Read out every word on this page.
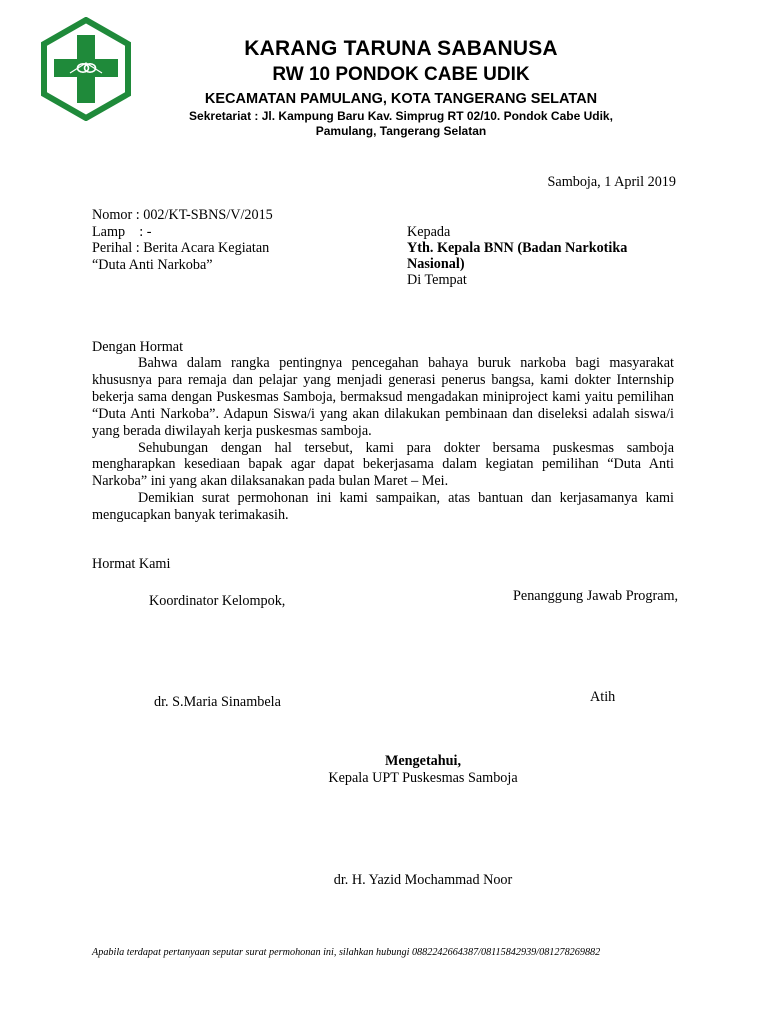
KARANG TARUNA SABANUSA
RW 10 PONDOK CABE UDIK
KECAMATAN PAMULANG, KOTA TANGERANG SELATAN
Sekretariat : Jl. Kampung Baru Kav. Simprug RT 02/10. Pondok Cabe Udik,
Pamulang, Tangerang Selatan
Samboja, 1 April 2019
Nomor : 002/KT-SBNS/V/2015
Lamp    : -
Perihal : Berita Acara Kegiatan
“Duta Anti Narkoba”
Kepada
Yth. Kepala BNN (Badan Narkotika
Nasional)
Di Tempat
Dengan Hormat

Bahwa dalam rangka pentingnya pencegahan bahaya buruk narkoba bagi masyarakat khususnya para remaja dan pelajar yang menjadi generasi penerus bangsa, kami dokter Internship bekerja sama dengan Puskesmas Samboja, bermaksud mengadakan miniproject kami yaitu pemilihan “Duta Anti Narkoba”. Adapun Siswa/i yang akan dilakukan pembinaan dan diseleksi adalah siswa/i yang berada diwilayah kerja puskesmas samboja.

Sehubungan dengan hal tersebut, kami para dokter bersama puskesmas samboja mengharapkan kesediaan bapak agar dapat bekerjasama dalam kegiatan pemilihan “Duta Anti Narkoba” ini yang akan dilaksanakan pada bulan Maret – Mei.

Demikian surat permohonan ini kami sampaikan, atas bantuan dan kerjasamanya kami mengucapkan banyak terimakasih.

Hormat Kami
Koordinator Kelompok,	Penanggung Jawab Program,
dr. S.Maria Sinambela	Atih
Mengetahui,
Kepala UPT Puskesmas Samboja
dr. H. Yazid Mochammad Noor
Apabila terdapat pertanyaan seputar surat permohonan ini, silahkan hubungi 0882242664387/08115842939/081278269882
